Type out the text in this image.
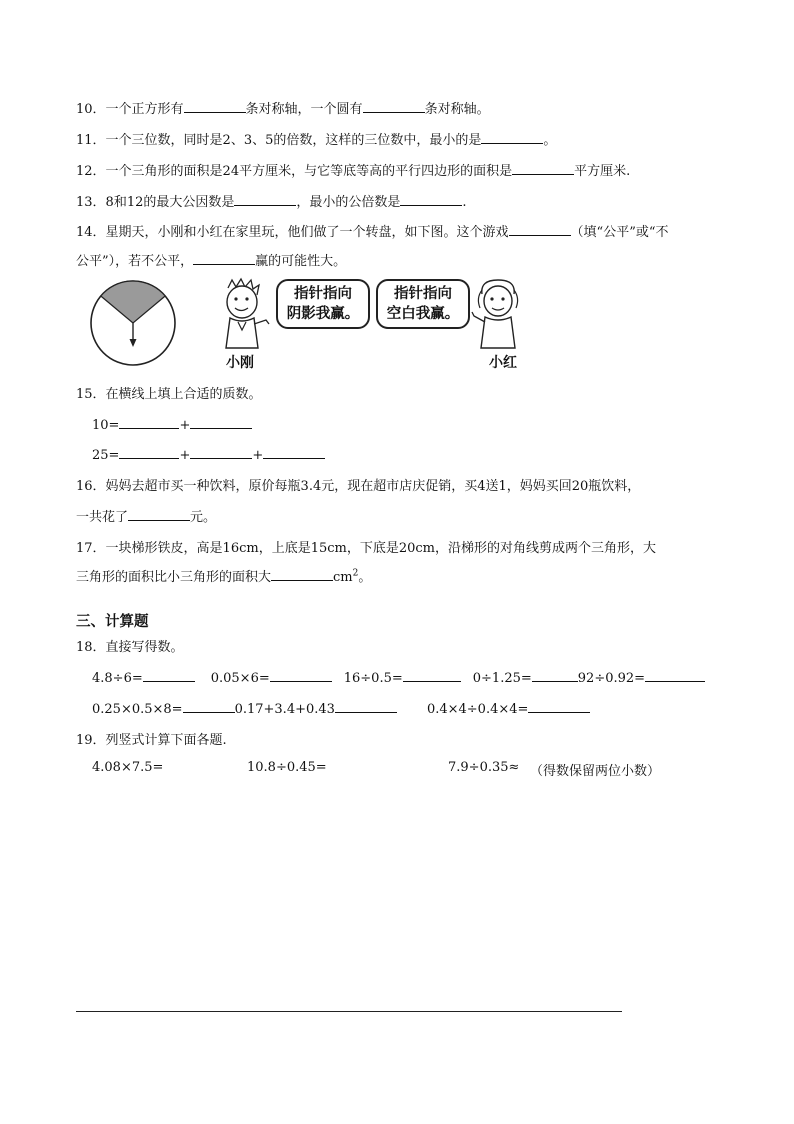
10．一个正方形有	条对称轴，一个圆有	条对称轴。
11．一个三位数，同时是2、3、5的倍数，这样的三位数中，最小的是	。
12．一个三角形的面积是24平方厘米，与它等底等高的平行四边形的面积是	平方厘米.
13．8和12的最大公因数是	，最小的公倍数是	.
14．星期天，小刚和小红在家里玩，他们做了一个转盘，如下图。这个游戏	（填“公平”或“不
公平”），若不公平，	赢的可能性大。
指针指向
阴影我赢。
指针指向
空白我赢。
小刚	小红
15．在横线上填上合适的质数。
10=	+
25=	+	+
16．妈妈去超市买一种饮料，原价每瓶3.4元，现在超市店庆促销，买4送1，妈妈买回20瓶饮料，
一共花了	元。
17．一块梯形铁皮，高是16cm，上底是15cm，下底是20cm，沿梯形的对角线剪成两个三角形，大
三角形的面积比小三角形的面积大	$cm^2$。
三、计算题
18．直接写得数。
4.8÷6=	0.05×6=	16÷0.5=	0÷1.25=	92÷0.92=
0.25×0.5×8=	0.17+3.4+0.43	0.4×4÷0.4×4=
19．列竖式计算下面各题.
4.08×7.5=	10.8÷0.45=	7.9÷0.35≈ （得数保留两位小数）
